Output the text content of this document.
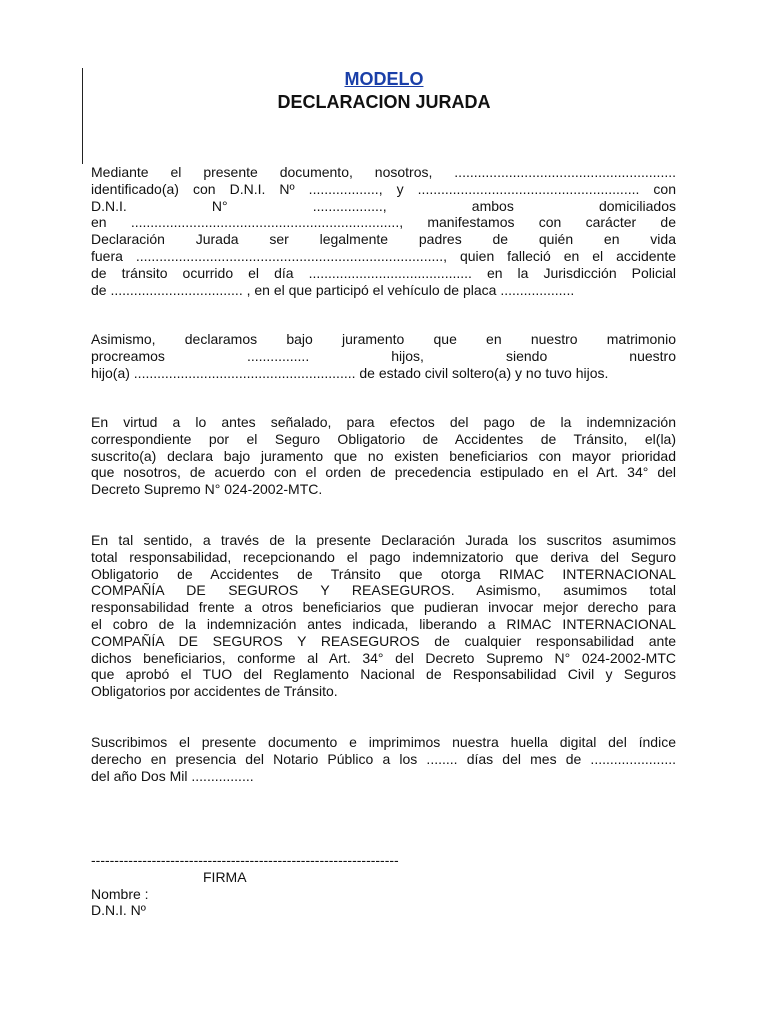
MODELO
DECLARACION JURADA

Mediante el presente documento, nosotros, .........................................................
identificado(a) con D.N.I. Nº .................., y ......................................................... con
D.N.I. N° .................., ambos domiciliados
en ....................................................................., manifestamos con carácter de
Declaración Jurada ser legalmente padres de quién en vida
fuera ..............................................................................., quien falleció en el accidente
de tránsito ocurrido el día .......................................... en la Jurisdicción Policial
de .................................. , en el que participó el vehículo de placa ...................

Asimismo, declaramos bajo juramento que en nuestro matrimonio
procreamos ................ hijos, siendo nuestro
hijo(a) ......................................................... de estado civil soltero(a) y no tuvo hijos.

En virtud a lo antes señalado, para efectos del pago de la indemnización
correspondiente por el Seguro Obligatorio de Accidentes de Tránsito, el(la)
suscrito(a) declara bajo juramento que no existen beneficiarios con mayor prioridad
que nosotros, de acuerdo con el orden de precedencia estipulado en el Art. 34° del
Decreto Supremo N° 024-2002-MTC.

En tal sentido, a través de la presente Declaración Jurada los suscritos asumimos
total responsabilidad, recepcionando el pago indemnizatorio que deriva del Seguro
Obligatorio de Accidentes de Tránsito que otorga RIMAC INTERNACIONAL
COMPAÑÍA DE SEGUROS Y REASEGUROS. Asimismo, asumimos total
responsabilidad frente a otros beneficiarios que pudieran invocar mejor derecho para
el cobro de la indemnización antes indicada, liberando a RIMAC INTERNACIONAL
COMPAÑÍA DE SEGUROS Y REASEGUROS de cualquier responsabilidad ante
dichos beneficiarios, conforme al Art. 34° del Decreto Supremo N° 024-2002-MTC
que aprobó el TUO del Reglamento Nacional de Responsabilidad Civil y Seguros
Obligatorios por accidentes de Tránsito.

Suscribimos el presente documento e imprimimos nuestra huella digital del índice
derecho en presencia del Notario Público a los ........ días del mes de ......................
del año Dos Mil ................

------------------------------------------------------------------
FIRMA
Nombre :
D.N.I. Nº
